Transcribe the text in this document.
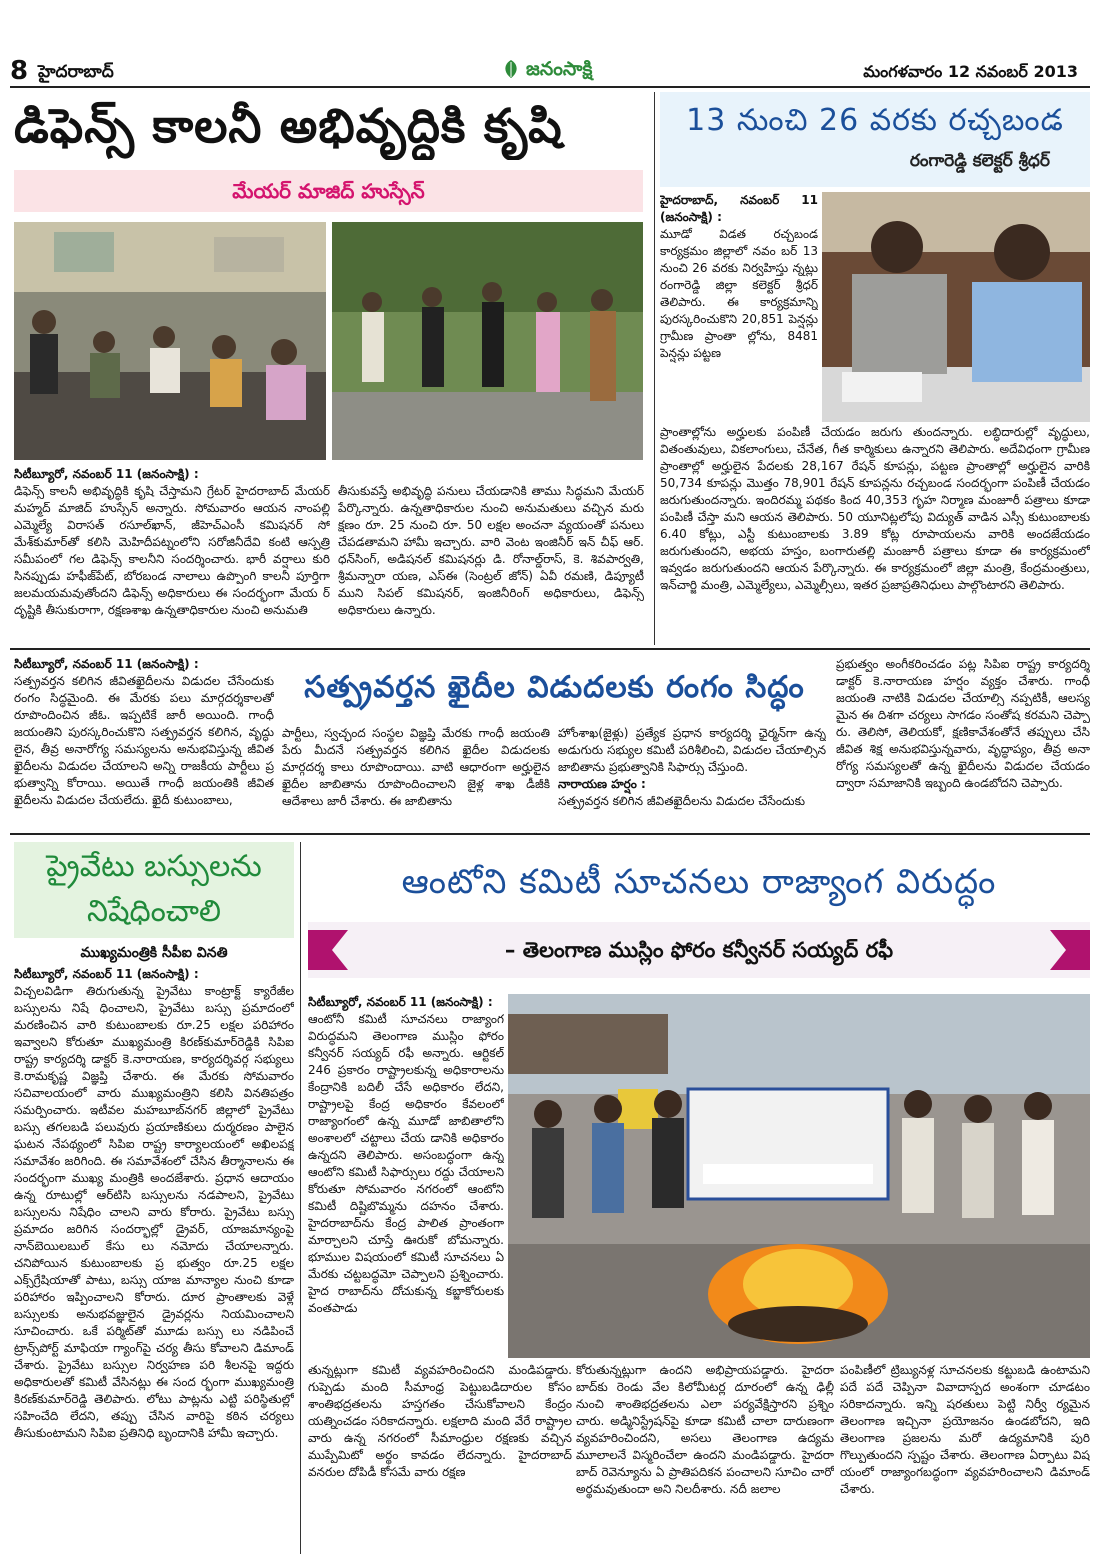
8 హైదరాబాద్	జనంసాక్షి	మంగళవారం 12 నవంబర్ 2013
డిఫెన్స్ కాలనీ అభివృద్ధికి కృషి
మేయర్ మాజిద్ హుస్సేన్

సిటీబ్యూరో, నవంబర్ 11 (జనంసాక్షి) :

డిఫెన్స్ కాలనీ అభివృద్ధికి కృషి చేస్తామని గ్రేటర్ హైదరాబాద్ మేయర్ మహ్మద్ మాజిద్ హుస్సేన్ అన్నారు. సోమవారం ఆయన నాంపల్లి ఎమ్మెల్యే విరాసత్ రసూల్‌ఖాన్, జీహెచ్ఎంసీ కమిషనర్ సో మేశ్‌కుమార్‌తో కలిసి మెహిదీపట్నంలోని సరోజినీదేవి కంటి ఆస్పత్రి సమీపంలో గల డిఫెన్స్ కాలనీని సందర్శించారు. భారీ వర్షాలు కురి సినప్పుడు హఫీజ్‌పేట్, బోరబండ నాలాలు ఉప్పొంగి కాలనీ పూర్తిగా జలమయమవుతోందని డిఫెన్స్ అధికారులు ఈ సందర్భంగా మేయ ర్ దృష్టికి తీసుకురాగా, రక్షణశాఖ ఉన్నతాధికారుల నుంచి అనుమతి

తీసుకువస్తే అభివృద్ధి పనులు చేయడానికి తాము సిద్ధమని మేయర్ పేర్కొన్నారు. ఉన్నతాధికారుల నుంచి అనుమతులు వచ్చిన మరు క్షణం రూ. 25 నుంచి రూ. 50 లక్షల అంచనా వ్యయంతో పనులు చేపడతామని హామీ ఇచ్చారు. వారి వెంట ఇంజినీర్ ఇన్ చీఫ్ ఆర్. ధన్‌సింగ్, అడిషనల్ కమిషనర్లు డి. రోనాల్డ్‌రాస్, కె. శివపార్వతి, శ్రీమన్నారా యణ, ఎస్ఈ (సెంట్రల్ జోన్) ఏవీ రమణి, డిప్యూటీ ముని సిపల్ కమిషనర్, ఇంజినీరింగ్ అధికారులు, డిఫెన్స్ అధికారులు ఉన్నారు.

13 నుంచి 26 వరకు రచ్చబండ
రంగారెడ్డి కలెక్టర్ శ్రీధర్

హైదరాబాద్, నవంబర్ 11 (జనంసాక్షి) :

మూడో విడత రచ్చబండ కార్యక్రమం జిల్లాలో నవం బర్ 13 నుంచి 26 వరకు నిర్వహిస్తు న్నట్లు రంగారెడ్డి జిల్లా కలెక్టర్ శ్రీధర్ తెలిపారు. ఈ కార్యక్రమాన్ని పురస్కరించుకొని 20,851 పెన్షన్లు గ్రామీణ ప్రాంతా ల్లోను, 8481 పెన్షన్లు పట్టణ

ప్రాంతాల్లోను అర్హులకు పంపిణీ చేయడం జరుగు తుందన్నారు. లబ్ధిదారుల్లో వృద్ధులు, వితంతువులు, వికలాంగులు, చేనేత, గీత కార్మికులు ఉన్నారని తెలిపారు. అదేవిధంగా గ్రామీణ ప్రాంతాల్లో అర్హులైన పేదలకు 28,167 రేషన్ కూపన్లు, పట్టణ ప్రాంతాల్లో అర్హులైన వారికి 50,734 కూపన్లు మొత్తం 78,901 రేషన్ కూపన్లను రచ్చబండ సందర్భంగా పంపిణీ చేయడం జరుగుతుందన్నారు. ఇందిరమ్మ పథకం కింద 40,353 గృహ నిర్మాణ మంజూరీ పత్రాలు కూడా పంపిణీ చేస్తా మని ఆయన తెలిపారు. 50 యూనిట్లలోపు విద్యుత్ వాడిన ఎస్సీ కుటుంబాలకు 6.40 కోట్లు, ఎస్టీ కుటుంబాలకు 3.89 కోట్ల రూపాయలను వారికి అందజేయడం జరుగుతుందని, అభయ హస్తం, బంగారుతల్లి మంజూరీ పత్రాలు కూడా ఈ కార్యక్రమంలో ఇవ్వడం జరుగుతుందని ఆయన పేర్కొన్నారు. ఈ కార్యక్రమంలో జిల్లా మంత్రి, కేంద్రమంత్రులు, ఇన్‌చార్జి మంత్రి, ఎమ్మెల్యేలు, ఎమ్మెల్సీలు, ఇతర ప్రజాప్రతినిధులు పాల్గొంటారని తెలిపారు.

సిటీబ్యూరో, నవంబర్ 11 (జనంసాక్షి) :

సత్ప్రవర్తన కలిగిన జీవితఖైదీలను విడుదల చేసేందుకు రంగం సిద్ధమైంది. ఈ మేరకు పలు మార్గదర్శకాలతో రూపొందించిన జీఓ. ఇప్పటికే జారీ అయింది. గాంధీ జయంతిని పురస్కరించుకొని సత్ప్రవర్తన కలిగిన, వృద్ధు లైన, తీవ్ర అనారోగ్య సమస్యలను అనుభవిస్తున్న జీవిత ఖైదీలను విడుదల చేయాలని అన్ని రాజకీయ పార్టీలు ప్ర భుత్వాన్ని కోరాయి. అయితే గాంధీ జయంతికి జీవిత ఖైదీలను విడుదల చేయలేదు. ఖైదీ కుటుంబాలు,

సత్ప్రవర్తన ఖైదీల విడుదలకు రంగం సిద్ధం

పార్టీలు, స్వచ్ఛంద సంస్థల విజ్ఞప్తి మేరకు గాంధీ జయంతి పేరు మీదనే సత్ప్రవర్తన కలిగిన ఖైదీల విడుదలకు మార్గదర్శ కాలు రూపొందాయి. వాటి ఆధారంగా అర్హులైన ఖైదీల జాబితాను రూపొందించాలని జైళ్ల శాఖ డీజీకి ఆదేశాలు జారీ చేశారు. ఈ జాబితాను

హోంశాఖ(జైళ్లు) ప్రత్యేక ప్రధాన కార్యదర్శి ఛైర్మన్‌గా ఉన్న అడుగురు సభ్యుల కమిటీ పరిశీలించి, విడుదల చేయాల్సిన జాబితాను ప్రభుత్వానికి సిఫార్సు చేస్తుంది.

నారాయణ హర్షం :

సత్ప్రవర్తన కలిగిన జీవితఖైదీలను విడుదల చేసేందుకు

ప్రభుత్వం అంగీకరించడం పట్ల సిపిఐ రాష్ట్ర కార్యదర్శి డాక్టర్ కె.నారాయణ హర్షం వ్యక్తం చేశారు. గాంధీ జయంతి నాటికి విడుదల చేయాల్సి నప్పటికీ, ఆలస్య మైన ఈ దిశగా చర్యలు సాగడం సంతోష కరమని చెప్పా రు. తెలిసో, తెలియకో, క్షణికావేశంతోనే తప్పులు చేసి జీవిత శిక్ష అనుభవిస్తున్నవారు, వృద్ధాప్యం, తీవ్ర అనా రోగ్య సమస్యలతో ఉన్న ఖైదీలను విడుదల చేయడం ద్వారా సమాజానికి ఇబ్బంది ఉండబోదని చెప్పారు.

ప్రైవేటు బస్సులను
నిషేధించాలి
ముఖ్యమంత్రికి సీపీఐ వినతి

సిటీబ్యూరో, నవంబర్ 11 (జనంసాక్షి) :

విచ్చలవిడిగా తిరుగుతున్న ప్రైవేటు కాంట్రాక్ట్ క్యారేజీల బస్సులను నిషే ధించాలని, ప్రైవేటు బస్సు ప్రమాదంలో మరణించిన వారి కుటుంబాలకు రూ.25 లక్షల పరిహారం ఇవ్వాలని కోరుతూ ముఖ్యమంత్రి కిరణ్‌కుమార్‌రెడ్డికి సిపిఐ రాష్ట్ర కార్యదర్శి డాక్టర్ కె.నారాయణ, కార్యదర్శివర్గ సభ్యులు కె.రామకృష్ణ విజ్ఞప్తి చేశారు. ఈ మేరకు సోమవారం సచివాలయంలో వారు ముఖ్యమంత్రిని కలిసి వినతిపత్రం సమర్పించారు. ఇటీవల మహబూబ్‌నగర్ జిల్లాలో ప్రైవేటు బస్సు తగలబడి పలువురు ప్రయాణికులు దుర్మరణం పాలైన ఘటన నేపథ్యంలో సిపిఐ రాష్ట్ర కార్యాలయంలో అఖిలపక్ష సమావేశం జరిగింది. ఈ సమావేశంలో చేసిన తీర్మానాలను ఈ సందర్భంగా ముఖ్య మంత్రికి అందజేశారు. ప్రధాన ఆదాయం ఉన్న రూటుల్లో ఆర్‌టిసి బస్సులను నడపాలని, ప్రైవేటు బస్సులను నిషేధిం చాలని వారు కోరారు. ప్రైవేటు బస్సు ప్రమాదం జరిగిన సందర్భాల్లో డ్రైవర్, యాజమాన్యంపై నాన్‌బెయిలబుల్ కేసు లు నమోదు చేయాలన్నారు. చనిపోయిన కుటుంబాలకు ప్ర భుత్వం రూ.25 లక్షల ఎక్స్‌గ్రేషియాతో పాటు, బస్సు యాజ మాన్యాల నుంచి కూడా పరిహారం ఇప్పించాలని కోరారు. దూర ప్రాంతాలకు వెళ్లే బస్సులకు అనుభవజ్ఞులైన డ్రైవర్లను నియమించాలని సూచించారు. ఒకే పర్మిట్‌తో మూడు బస్సు లు నడిపించే ట్రాన్స్‌పోర్ట్ మాఫియా గ్యాంగ్‌పై చర్య తీసు కోవాలని డిమాండ్ చేశారు. ప్రైవేటు బస్సుల నిర్వహణ పరి శీలనపై ఇద్దరు అధికారులతో కమిటీ వేసినట్లు ఈ సంద ర్భంగా ముఖ్యమంత్రి కిరణ్‌కుమార్‌రెడ్డి తెలిపారు. లోటు పాట్లను ఎట్టి పరిస్థితుల్లో సహించేది లేదని, తప్పు చేసిన వారిపై కఠిన చర్యలు తీసుకుంటామని సిపిఐ ప్రతినిధి బృందానికి హామీ ఇచ్చారు.

ఆంటోని కమిటీ సూచనలు రాజ్యాంగ విరుద్ధం
– తెలంగాణ ముస్లిం ఫోరం కన్వీనర్ సయ్యద్ రఫీ

సిటీబ్యూరో, నవంబర్ 11 (జనంసాక్షి) :

ఆంటోనీ కమిటీ సూచనలు రాజ్యాంగ విరుద్ధమని తెలంగాణ ముస్లిం ఫోరం కన్వీనర్ సయ్యద్ రఫీ అన్నారు. ఆర్టికల్ 246 ప్రకారం రాష్ట్రాలకున్న అధికారాలను కేంద్రానికి బదిలీ చేసే అధికారం లేదని, రాష్ట్రాలపై కేంద్ర అధికారం కేవలంలో రాజ్యాంగంలో ఉన్న మూడో జాబితాలోని అంశాలలో చట్టాలు చేయ డానికి అధికారం ఉన్నదని తెలిపారు. అసంబద్ధంగా ఉన్న ఆంటోని కమిటీ సిఫార్సులు రద్దు చేయాలని కోరుతూ సోమవారం నగరంలో ఆంటోని కమిటీ దిష్టిబొమ్మను దహనం చేశారు. హైదరాబాద్‌ను కేంద్ర పాలిత ప్రాంతంగా మార్చాలని చూస్తే ఊరుకో బోమన్నారు. భూముల విషయంలో కమిటీ సూచనలు ఏ మేరకు చట్టబద్ధమో చెప్పాలని ప్రశ్నించారు. హైద రాబాద్‌ను దోచుకున్న కబ్జాకోరులకు వంతపాడు

తున్నట్లుగా కమిటీ వ్యవహరించిందని మండిపడ్డారు. గుప్పెడు మంది సీమాంధ్ర పెట్టుబడిదారుల కోసం శాంతిభద్రతలను హస్తగతం చేసుకోవాలని కేంద్రం యత్నించడం సరికాదన్నారు. లక్షలాది మంది వేరే రాష్ట్రాల వారు ఉన్న నగరంలో సీమాంధ్రుల రక్షణకు వచ్చిన ముప్పేమిటో అర్థం కావడం లేదన్నారు. హైదరాబాద్ వనరుల దోపిడీ కోసమే వారు రక్షణ

కోరుతున్నట్లుగా ఉందని అభిప్రాయపడ్డారు. హైదరా బాద్‌కు రెండు వేల కిలోమీటర్ల దూరంలో ఉన్న ఢిల్లీ నుంచి శాంతిభద్రతలను ఎలా పర్యవేక్షిస్తారని ప్రశ్నిం చారు. అడ్మినిస్ట్రేషన్‌పై కూడా కమిటీ చాలా దారుణంగా వ్యవహరించిందని, అసలు తెలంగాణ ఉద్యమ మూలాలనే విస్మరించేలా ఉందని మండిపడ్డారు. హైదరా బాద్ రెవెన్యూను ఏ ప్రాతిపదికన పంచాలని సూచిం చారో అర్థమవుతుందా అని నిలదీశారు. నదీ జలాల

పంపిణీలో ట్రిబ్యునళ్ల సూచనలకు కట్టుబడి ఉంటామని పదే పదే చెప్పినా వివాదాస్పద అంశంగా చూడటం సరికాదన్నారు. ఇన్ని షరతులు పెట్టి నిర్వీ ర్యమైన తెలంగాణ ఇచ్చినా ప్రయోజనం ఉండబోదని, ఇది తెలంగాణ ప్రజలను మరో ఉద్యమానికి పురి గొల్పుతుందని స్పష్టం చేశారు. తెలంగాణ ఏర్పాటు విష యంలో రాజ్యాంగబద్ధంగా వ్యవహరించాలని డిమాండ్ చేశారు.
